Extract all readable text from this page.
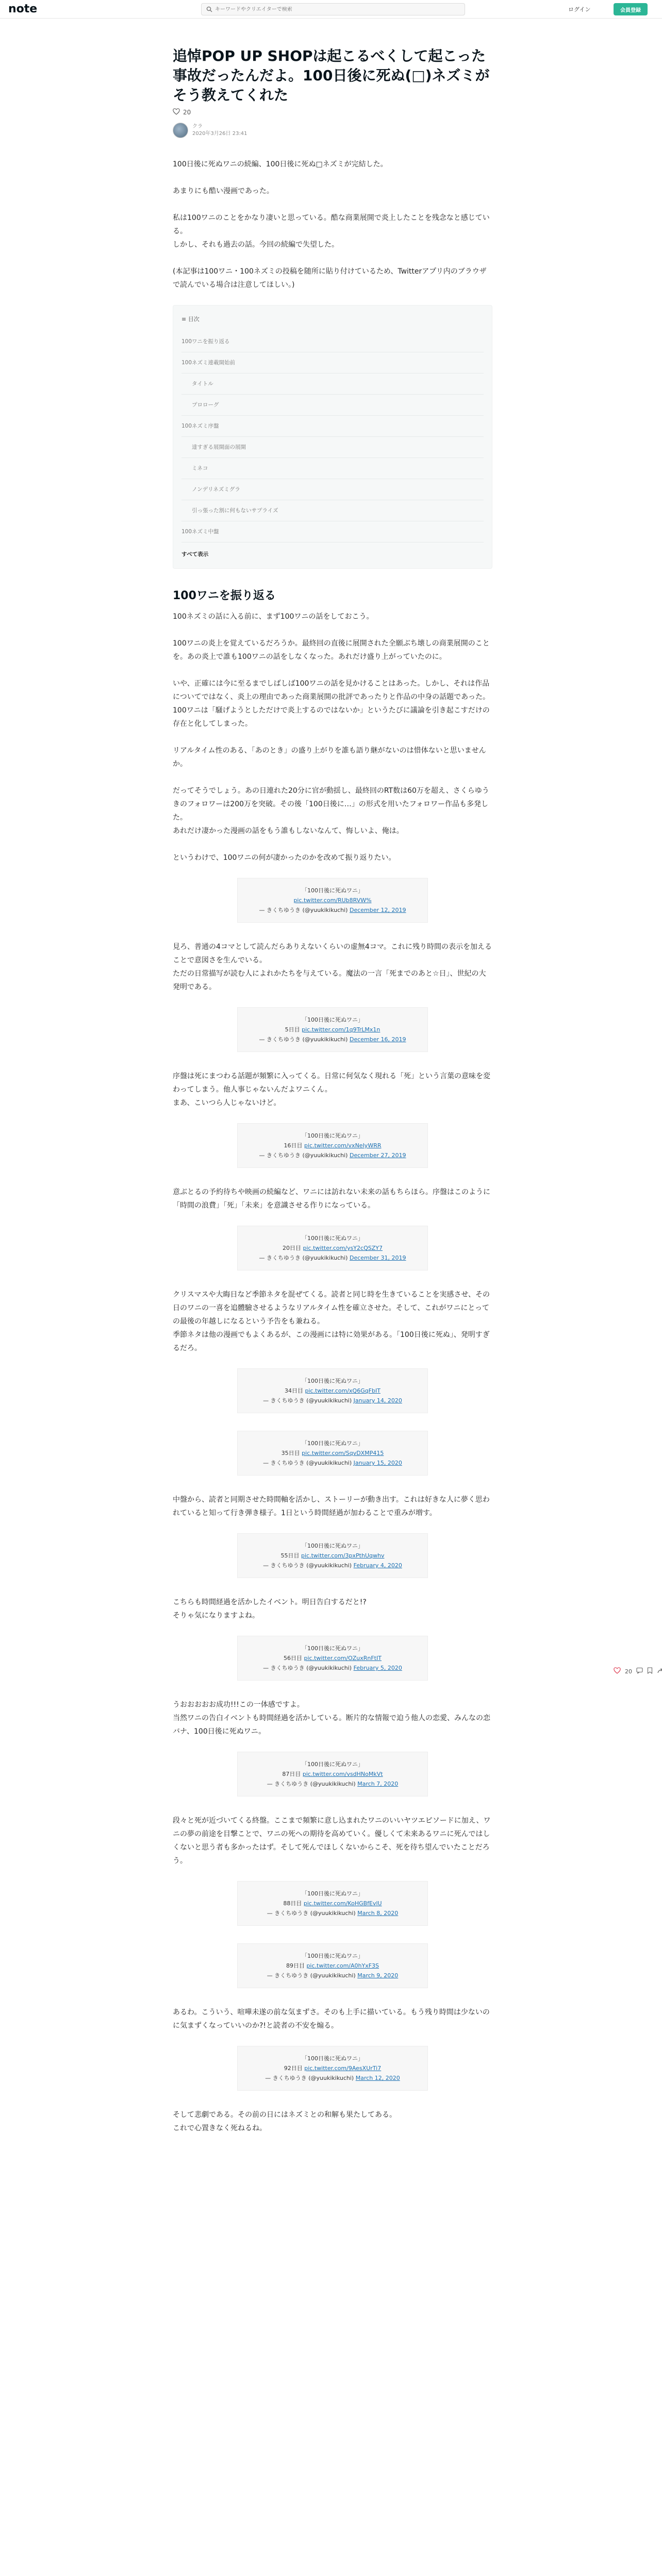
note
キーワードやクリエイターで検索	ログイン	会員登録
追悼POP UP SHOPは起こるべくして起こった事故だったんだよ。100日後に死ぬ(□)ネズミがそう教えてくれた
20
クラ
2020年3月26日 23:41

100日後に死ぬワニの続編、100日後に死ぬ□ネズミが完結した。

あまりにも酷い漫画であった。

私は100ワニのことをかなり凄いと思っている。酷な商業展開で炎上したことを残念なと感じている。
しかし、それも過去の話。今回の続編で失望した。

(本記事は100ワニ・100ネズミの投稿を随所に貼り付けているため、Twitterアプリ内のブラウザで読んでいる場合は注意してほしい。)

≡ 目次
100ワニを振り返る
100ネズミ連載開始前
タイトル
プロローグ
100ネズミ序盤
達すぎる展開面の展開
ミネコ
ノンデリネズミグラ
引っ張った割に何もないサプライズ
100ネズミ中盤
すべて表示
100ワニを振り返る

100ネズミの話に入る前に、まず100ワニの話をしておこう。

100ワニの炎上を覚えているだろうか。最終回の直後に展開された全願ぶち壊しの商業展開のことを。あの炎上で誰も100ワニの話をしなくなった。あれだけ盛り上がっていたのに。

いや、正確には今に至るまでしばしば100ワニの話を見かけることはあった。しかし、それは作品についてではなく、炎上の理由であった商業展開の批評であったりと作品の中身の話題であった。100ワニは「騒げようとしただけで炎上するのではないか」というたびに議論を引き起こすだけの存在と化してしまった。

リアルタイム性のある、「あのとき」の盛り上がりを誰も語り継がないのは惜体ないと思いませんか。

だってそうでしょう。あの日連れた20分に官が動揺し、最終回のRT数は60万を超え、さくらゆうきのフォロワーは200万を突破。その後「100日後に…」の形式を用いたフォロワー作品も多発した。
あれだけ凄かった漫画の話をもう誰もしないなんて、悔しいよ、俺は。

というわけで、100ワニの何が凄かったのかを改めて振り返りたい。

「100日後に死ぬワニ」
pic.twitter.com/RUb8RVW%
— きくちゆうき (@yuukikikuchi) December 12, 2019

見ろ、普通の4コマとして読んだらありえないくらいの虚無4コマ。これに残り時間の表示を加えることで意図さを生んでいる。
ただの日常描写が読む人によれかたちを与えている。魔法の一言「死までのあと☆日」、世紀の大発明である。

「100日後に死ぬワニ」
5日目 pic.twitter.com/1q9TrLMx1n
— きくちゆうき (@yuukikikuchi) December 16, 2019

序盤は死にまつわる話題が頻繁に入ってくる。日常に何気なく現れる「死」という言葉の意味を変わってしまう。他人事じゃないんだよワニくん。
まあ、こいつら人じゃないけど。

「100日後に死ぬワニ」
16日目 pic.twitter.com/vxNeIyWRR
— きくちゆうき (@yuukikikuchi) December 27, 2019

意ぶとるの予約待ちや映画の続編など、ワニには訪れない未来の話もちらほら。序盤はこのように「時間の浪費」「死」「未来」を意識させる作りになっている。

「100日後に死ぬワニ」
20日目 pic.twitter.com/ysY2cQSZY7
— きくちゆうき (@yuukikikuchi) December 31, 2019

クリスマスや大晦日など季節ネタを混ぜてくる。読者と同じ時を生きていることを実感させ、その日のワニの一喜を追體驗させるようなリアルタイム性を確立させた。そして、これがワニにとっての最後の年越しになるという予告をも兼ねる。
季節ネタは他の漫画でもよくあるが、この漫画には特に効果がある。「100日後に死ぬ」、発明すぎるだろ。

「100日後に死ぬワニ」
34日目 pic.twitter.com/xQ6GqFbIT
— きくちゆうき (@yuukikikuchi) January 14, 2020
「100日後に死ぬワニ」
35日目 pic.twitter.com/SqvDXMP415
— きくちゆうき (@yuukikikuchi) January 15, 2020

中盤から、読者と同期させた時間軸を活かし、ストーリーが動き出す。これは好きな人に夢く思われていると知って行き弾き様子。1日という時間経過が加わることで重みが増す。

「100日後に死ぬワニ」
55日目 pic.twitter.com/3pxPthUqwhv
— きくちゆうき (@yuukikikuchi) February 4, 2020

こちらも時間経過を活かしたイベント。明日告白するだと!?
そりゃ気になりますよね。

「100日後に死ぬワニ」
56日目 pic.twitter.com/OZuxRnFtIT
— きくちゆうき (@yuukikikuchi) February 5, 2020

うおおおおお成功!!!この一体感ですよ。
当然ワニの告白イベントも時間経過を活かしている。断片的な情報で迫う他人の恋愛、みんなの恋バナ、100日後に死ぬワニ。

「100日後に死ぬワニ」
87日目 pic.twitter.com/vsdHNoMkVt
— きくちゆうき (@yuukikikuchi) March 7, 2020

段々と死が近づいてくる終盤。ここまで頻繁に意し込まれたワニのいいヤツエピソードに加え、ワニの夢の前途を目撃ことで、ワニの死への期待を高めていく。優しくて未来あるワニに死んではしくないと思う者も多かったはず。そして死んでほしくないからこそ、死を待ち望んでいたことだろう。

「100日後に死ぬワニ」
88日目 pic.twitter.com/KoHGBfEvlU
— きくちゆうき (@yuukikikuchi) March 8, 2020
「100日後に死ぬワニ」
89日目 pic.twitter.com/A0hYxF3S
— きくちゆうき (@yuukikikuchi) March 9, 2020

あるわ。こういう、喧嘩未遂の前な気まずさ。そのも上手に描いている。もう残り時間は少ないのに気まずくなっていいのか?!と読者の不安を煽る。

「100日後に死ぬワニ」
92日目 pic.twitter.com/9AesXUrTi7
— きくちゆうき (@yuukikikuchi) March 12, 2020

そして悲劇である。その前の日にはネズミとの和解も果たしてある。
これで心置きなく死ねるね。

20
